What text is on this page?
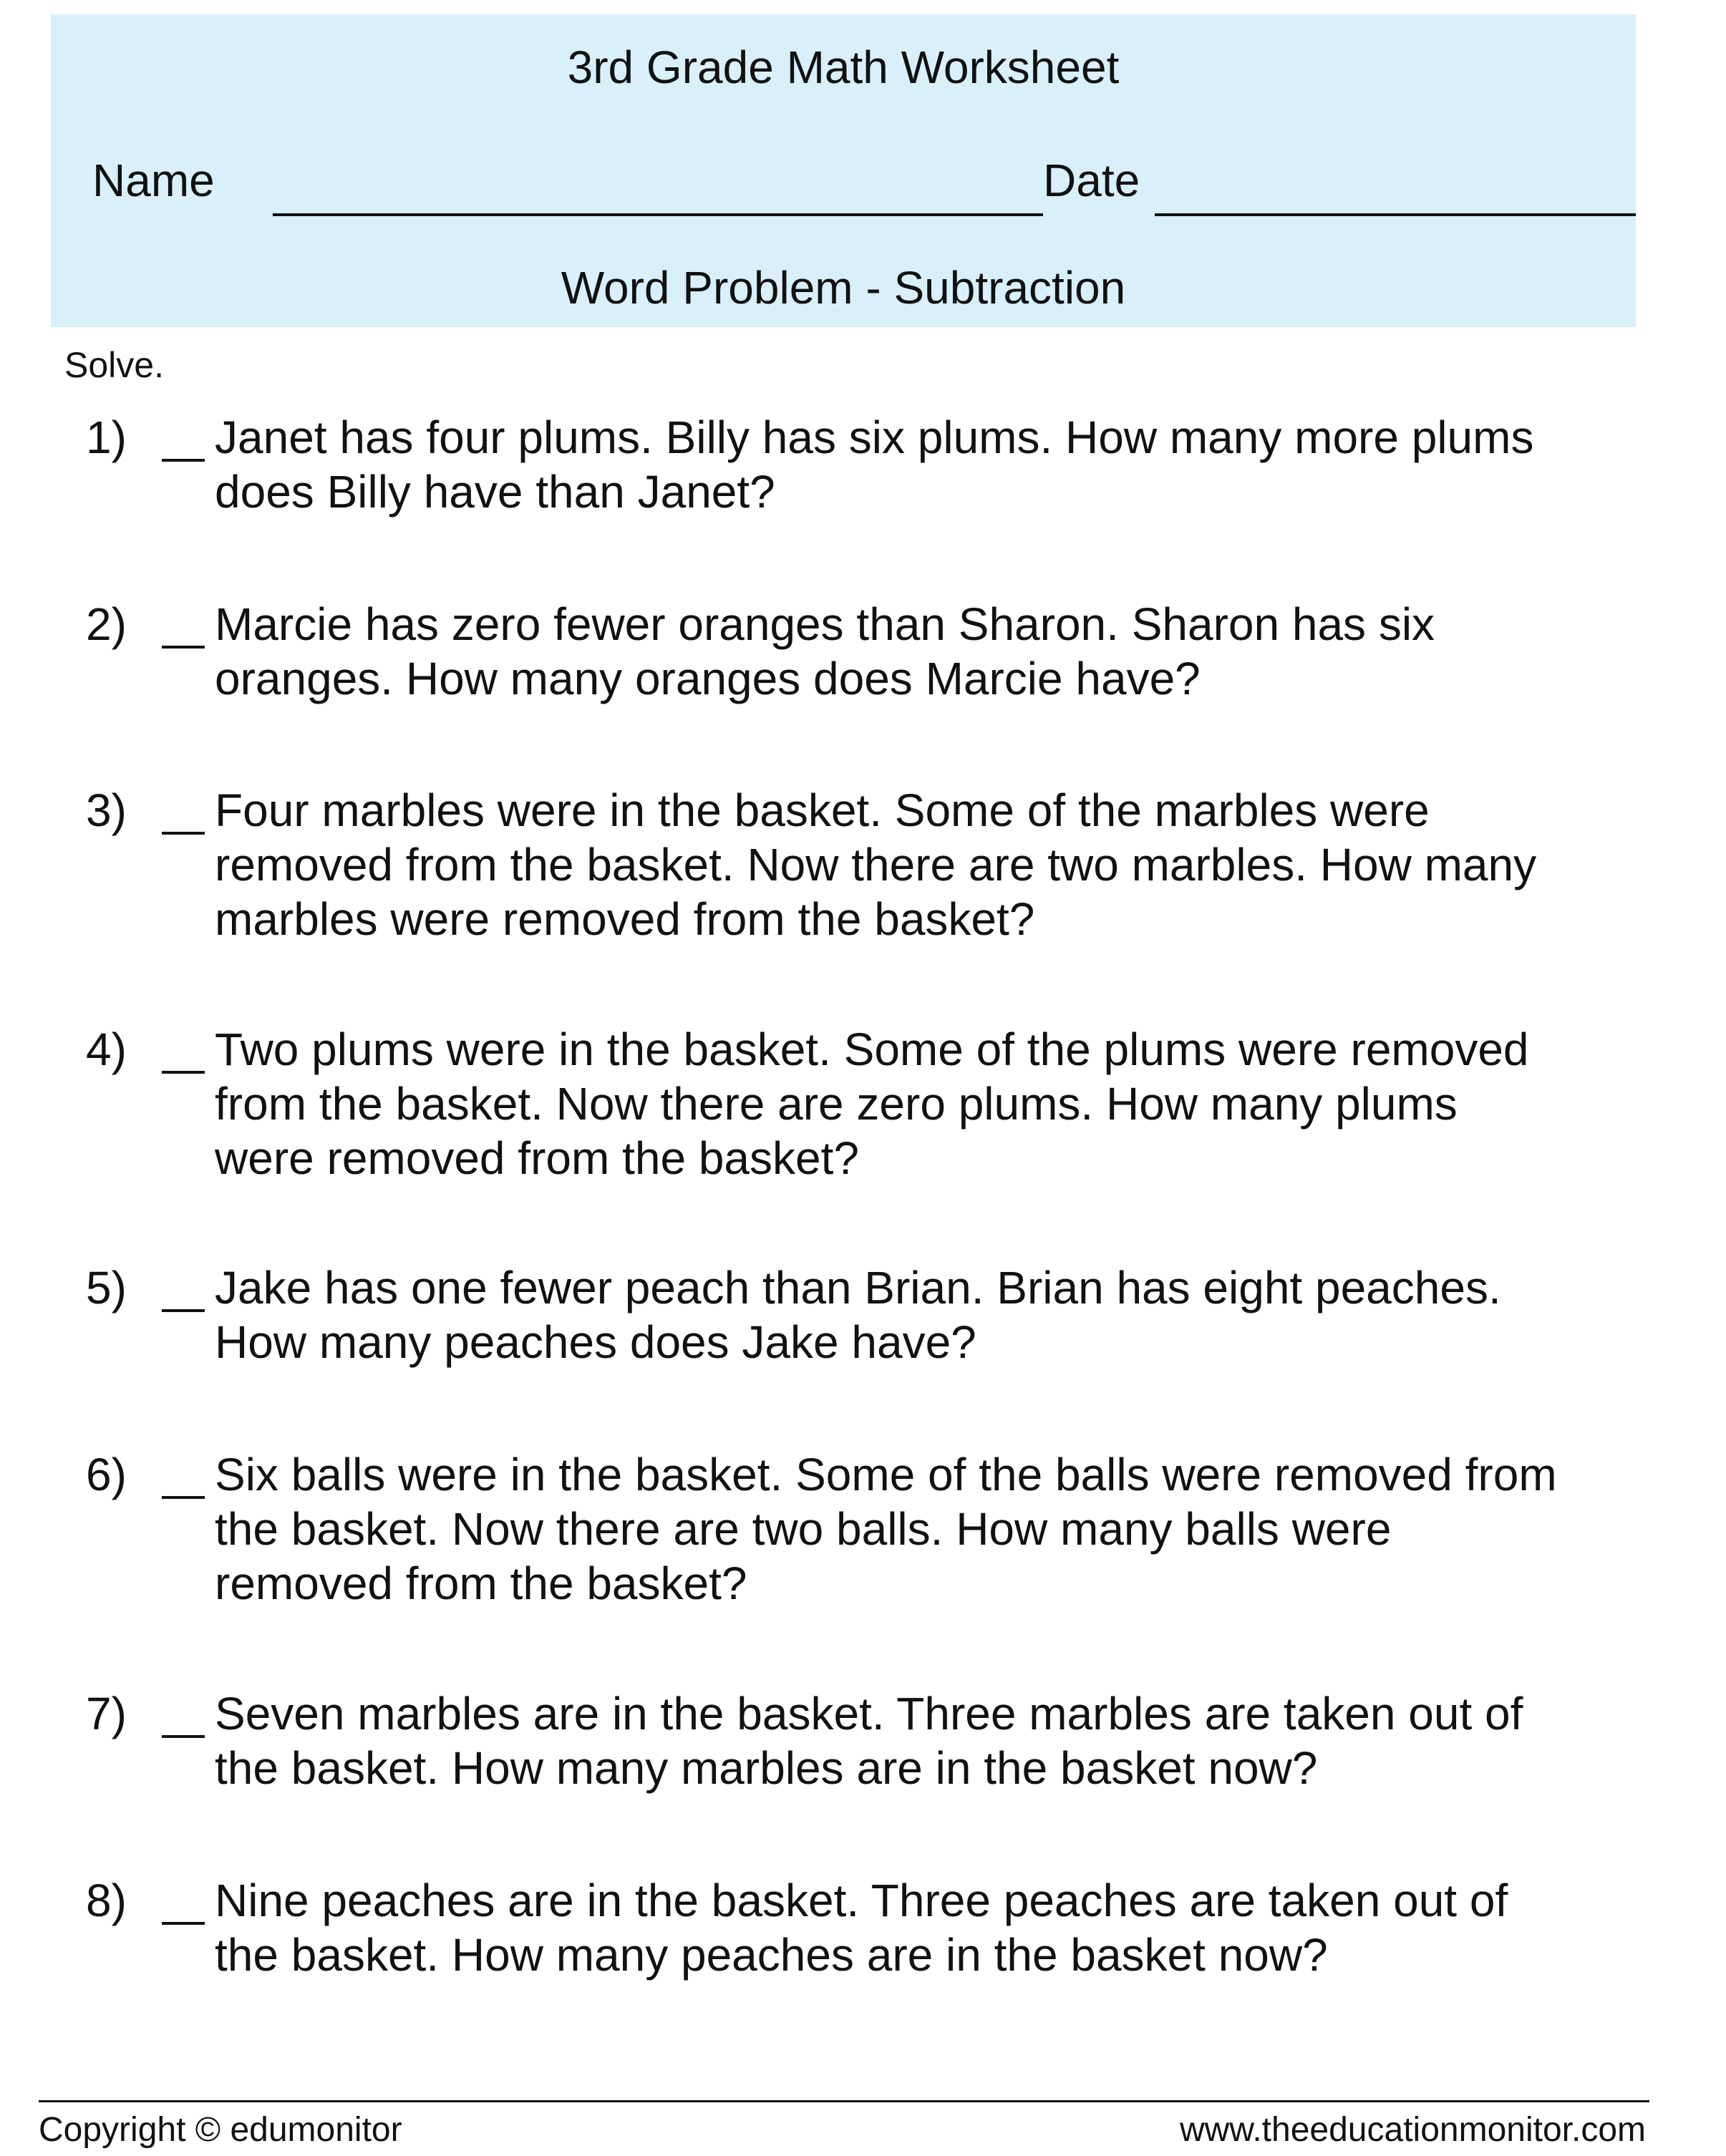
3rd Grade Math Worksheet
Name	Date
Word Problem - Subtraction
Solve.
1) Janet has four plums. Billy has six plums. How many more plums
does Billy have than Janet?
2) Marcie has zero fewer oranges than Sharon. Sharon has six
oranges. How many oranges does Marcie have?
3) Four marbles were in the basket. Some of the marbles were
removed from the basket. Now there are two marbles. How many
marbles were removed from the basket?
4) Two plums were in the basket. Some of the plums were removed
from the basket. Now there are zero plums. How many plums
were removed from the basket?
5) Jake has one fewer peach than Brian. Brian has eight peaches.
How many peaches does Jake have?
6) Six balls were in the basket. Some of the balls were removed from
the basket. Now there are two balls. How many balls were
removed from the basket?
7) Seven marbles are in the basket. Three marbles are taken out of
the basket. How many marbles are in the basket now?
8) Nine peaches are in the basket. Three peaches are taken out of
the basket. How many peaches are in the basket now?
Copyright © edumonitor	www.theeducationmonitor.com
